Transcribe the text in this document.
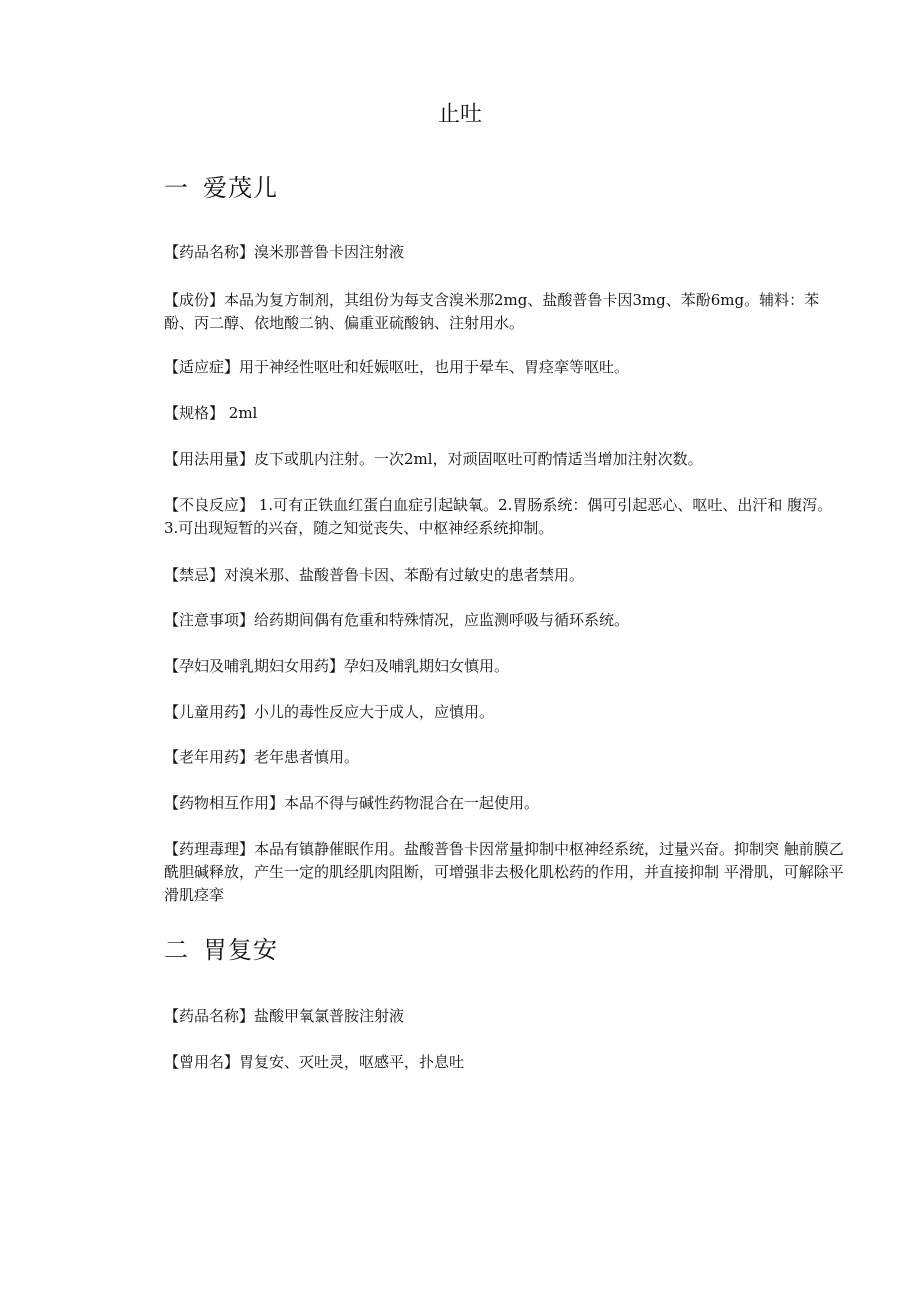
止吐
一 爱茂儿
【药品名称】溴米那普鲁卡因注射液
【成份】本品为复方制剂，其组份为每支含溴米那2mg、盐酸普鲁卡因3mg、苯酚6mg。辅料：苯酚、丙二醇、依地酸二钠、偏重亚硫酸钠、注射用水。
【适应症】用于神经性呕吐和妊娠呕吐，也用于晕车、胃痉挛等呕吐。
【规格】 2ml
【用法用量】皮下或肌内注射。一次2ml，对顽固呕吐可酌情适当增加注射次数。
【不良反应】 1.可有正铁血红蛋白血症引起缺氧。2.胃肠系统：偶可引起恶心、呕吐、出汗和 腹泻。3.可出现短暂的兴奋，随之知觉丧失、中枢神经系统抑制。
【禁忌】对溴米那、盐酸普鲁卡因、苯酚有过敏史的患者禁用。
【注意事项】给药期间偶有危重和特殊情况，应监测呼吸与循环系统。
【孕妇及哺乳期妇女用药】孕妇及哺乳期妇女慎用。
【儿童用药】小儿的毒性反应大于成人，应慎用。
【老年用药】老年患者慎用。
【药物相互作用】本品不得与碱性药物混合在一起使用。
【药理毒理】本品有镇静催眠作用。盐酸普鲁卡因常量抑制中枢神经系统，过量兴奋。抑制突 触前膜乙酰胆碱释放，产生一定的肌经肌肉阻断，可增强非去极化肌松药的作用，并直接抑制 平滑肌，可解除平滑肌痉挛
二 胃复安
【药品名称】盐酸甲氧氯普胺注射液
【曾用名】胃复安、灭吐灵，呕感平，扑息吐
